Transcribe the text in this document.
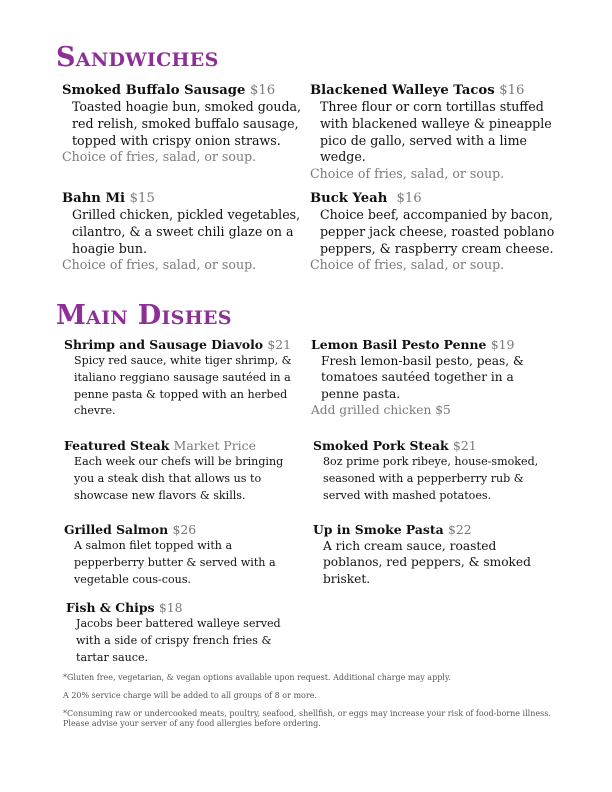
Sandwiches
Smoked Buffalo Sausage $16
Toasted hoagie bun, smoked gouda, red relish, smoked buffalo sausage, topped with crispy onion straws.
Choice of fries, salad, or soup.
Blackened Walleye Tacos $16
Three flour or corn tortillas stuffed with blackened walleye & pineapple pico de gallo, served with a lime wedge.
Choice of fries, salad, or soup.
Bahn Mi $15
Grilled chicken, pickled vegetables, cilantro, & a sweet chili glaze on a hoagie bun.
Choice of fries, salad, or soup.
Buck Yeah $16
Choice beef, accompanied by bacon, pepper jack cheese, roasted poblano peppers, & raspberry cream cheese.
Choice of fries, salad, or soup.
Main Dishes
Shrimp and Sausage Diavolo $21
Spicy red sauce, white tiger shrimp, & italiano reggiano sausage sautéed in a penne pasta & topped with an herbed chevre.
Lemon Basil Pesto Penne $19
Fresh lemon-basil pesto, peas, & tomatoes sautéed together in a penne pasta.
Add grilled chicken $5
Featured Steak Market Price
Each week our chefs will be bringing you a steak dish that allows us to showcase new flavors & skills.
Smoked Pork Steak $21
8oz prime pork ribeye, house-smoked, seasoned with a pepperberry rub & served with mashed potatoes.
Grilled Salmon $26
A salmon filet topped with a pepperberry butter & served with a vegetable cous-cous.
Up in Smoke Pasta $22
A rich cream sauce, roasted poblanos, red peppers, & smoked brisket.
Fish & Chips $18
Jacobs beer battered walleye served with a side of crispy french fries & tartar sauce.
*Gluten free, vegetarian, & vegan options available upon request. Additional charge may apply.
A 20% service charge will be added to all groups of 8 or more.
*Consuming raw or undercooked meats, poultry, seafood, shellfish, or eggs may increase your risk of food-borne illness. Please advise your server of any food allergies before ordering.
